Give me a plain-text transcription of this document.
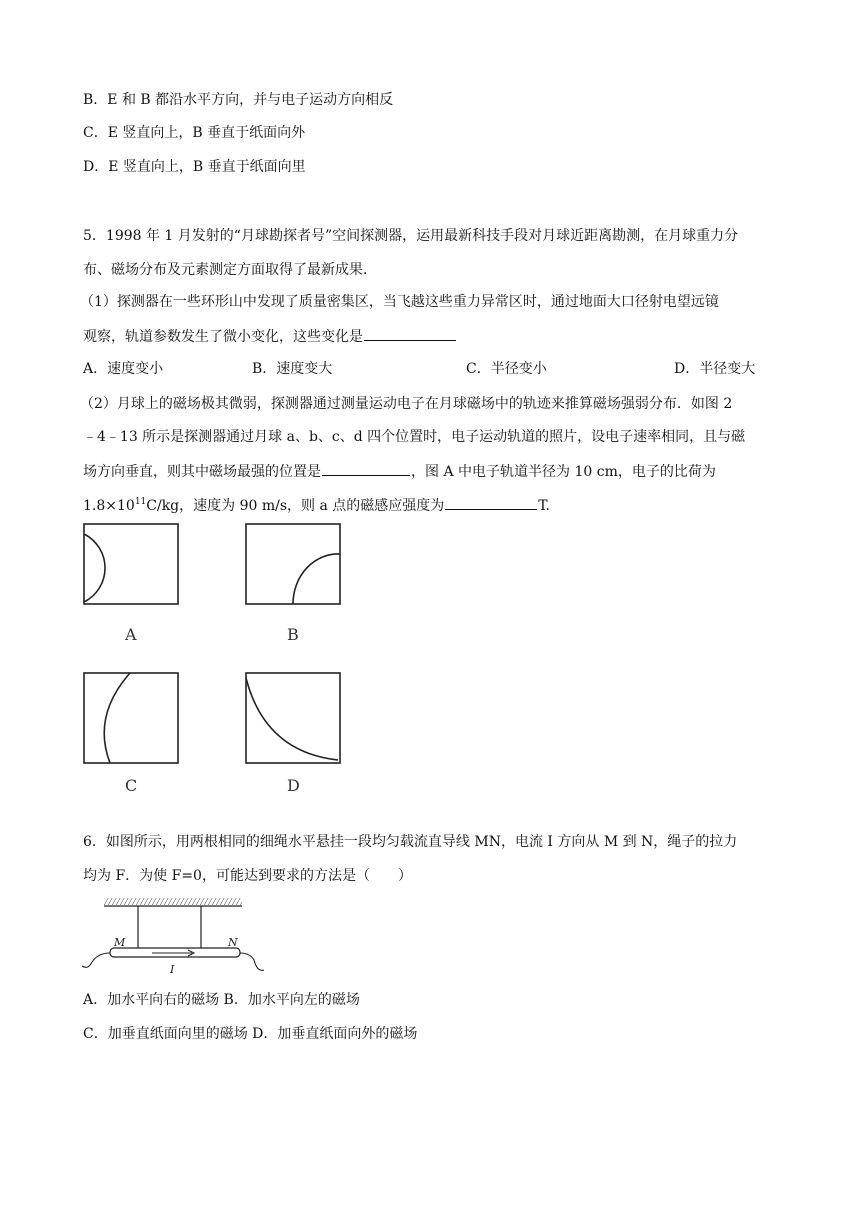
B．E 和 B 都沿水平方向，并与电子运动方向相反
C．E 竖直向上，B 垂直于纸面向外
D．E 竖直向上，B 垂直于纸面向里
5．1998 年 1 月发射的“月球勘探者号”空间探测器，运用最新科技手段对月球近距离勘测，在月球重力分
布、磁场分布及元素测定方面取得了最新成果．
（1）探测器在一些环形山中发现了质量密集区，当飞越这些重力异常区时，通过地面大口径射电望远镜
观察，轨道参数发生了微小变化，这些变化是
A．速度变小	B．速度变大	C．半径变小	D．半径变大
（2）月球上的磁场极其微弱，探测器通过测量运动电子在月球磁场中的轨迹来推算磁场强弱分布．如图 2
﹣4﹣13 所示是探测器通过月球 a、b、c、d 四个位置时，电子运动轨道的照片，设电子速率相同，且与磁
场方向垂直，则其中磁场最强的位置是	，图 A 中电子轨道半径为 10 cm，电子的比荷为
$1.8\times 10^{11}C/kg$，速度为 90 m/s，则 a 点的磁感应强度为	T.
A	B
C	D
6．如图所示，用两根相同的细绳水平悬挂一段均匀载流直导线 MN，电流 I 方向从 M 到 N，绳子的拉力
均为 F．为使 F=0，可能达到要求的方法是（　　）
M	N
I
A．加水平向右的磁场 B．加水平向左的磁场
C．加垂直纸面向里的磁场 D．加垂直纸面向外的磁场
